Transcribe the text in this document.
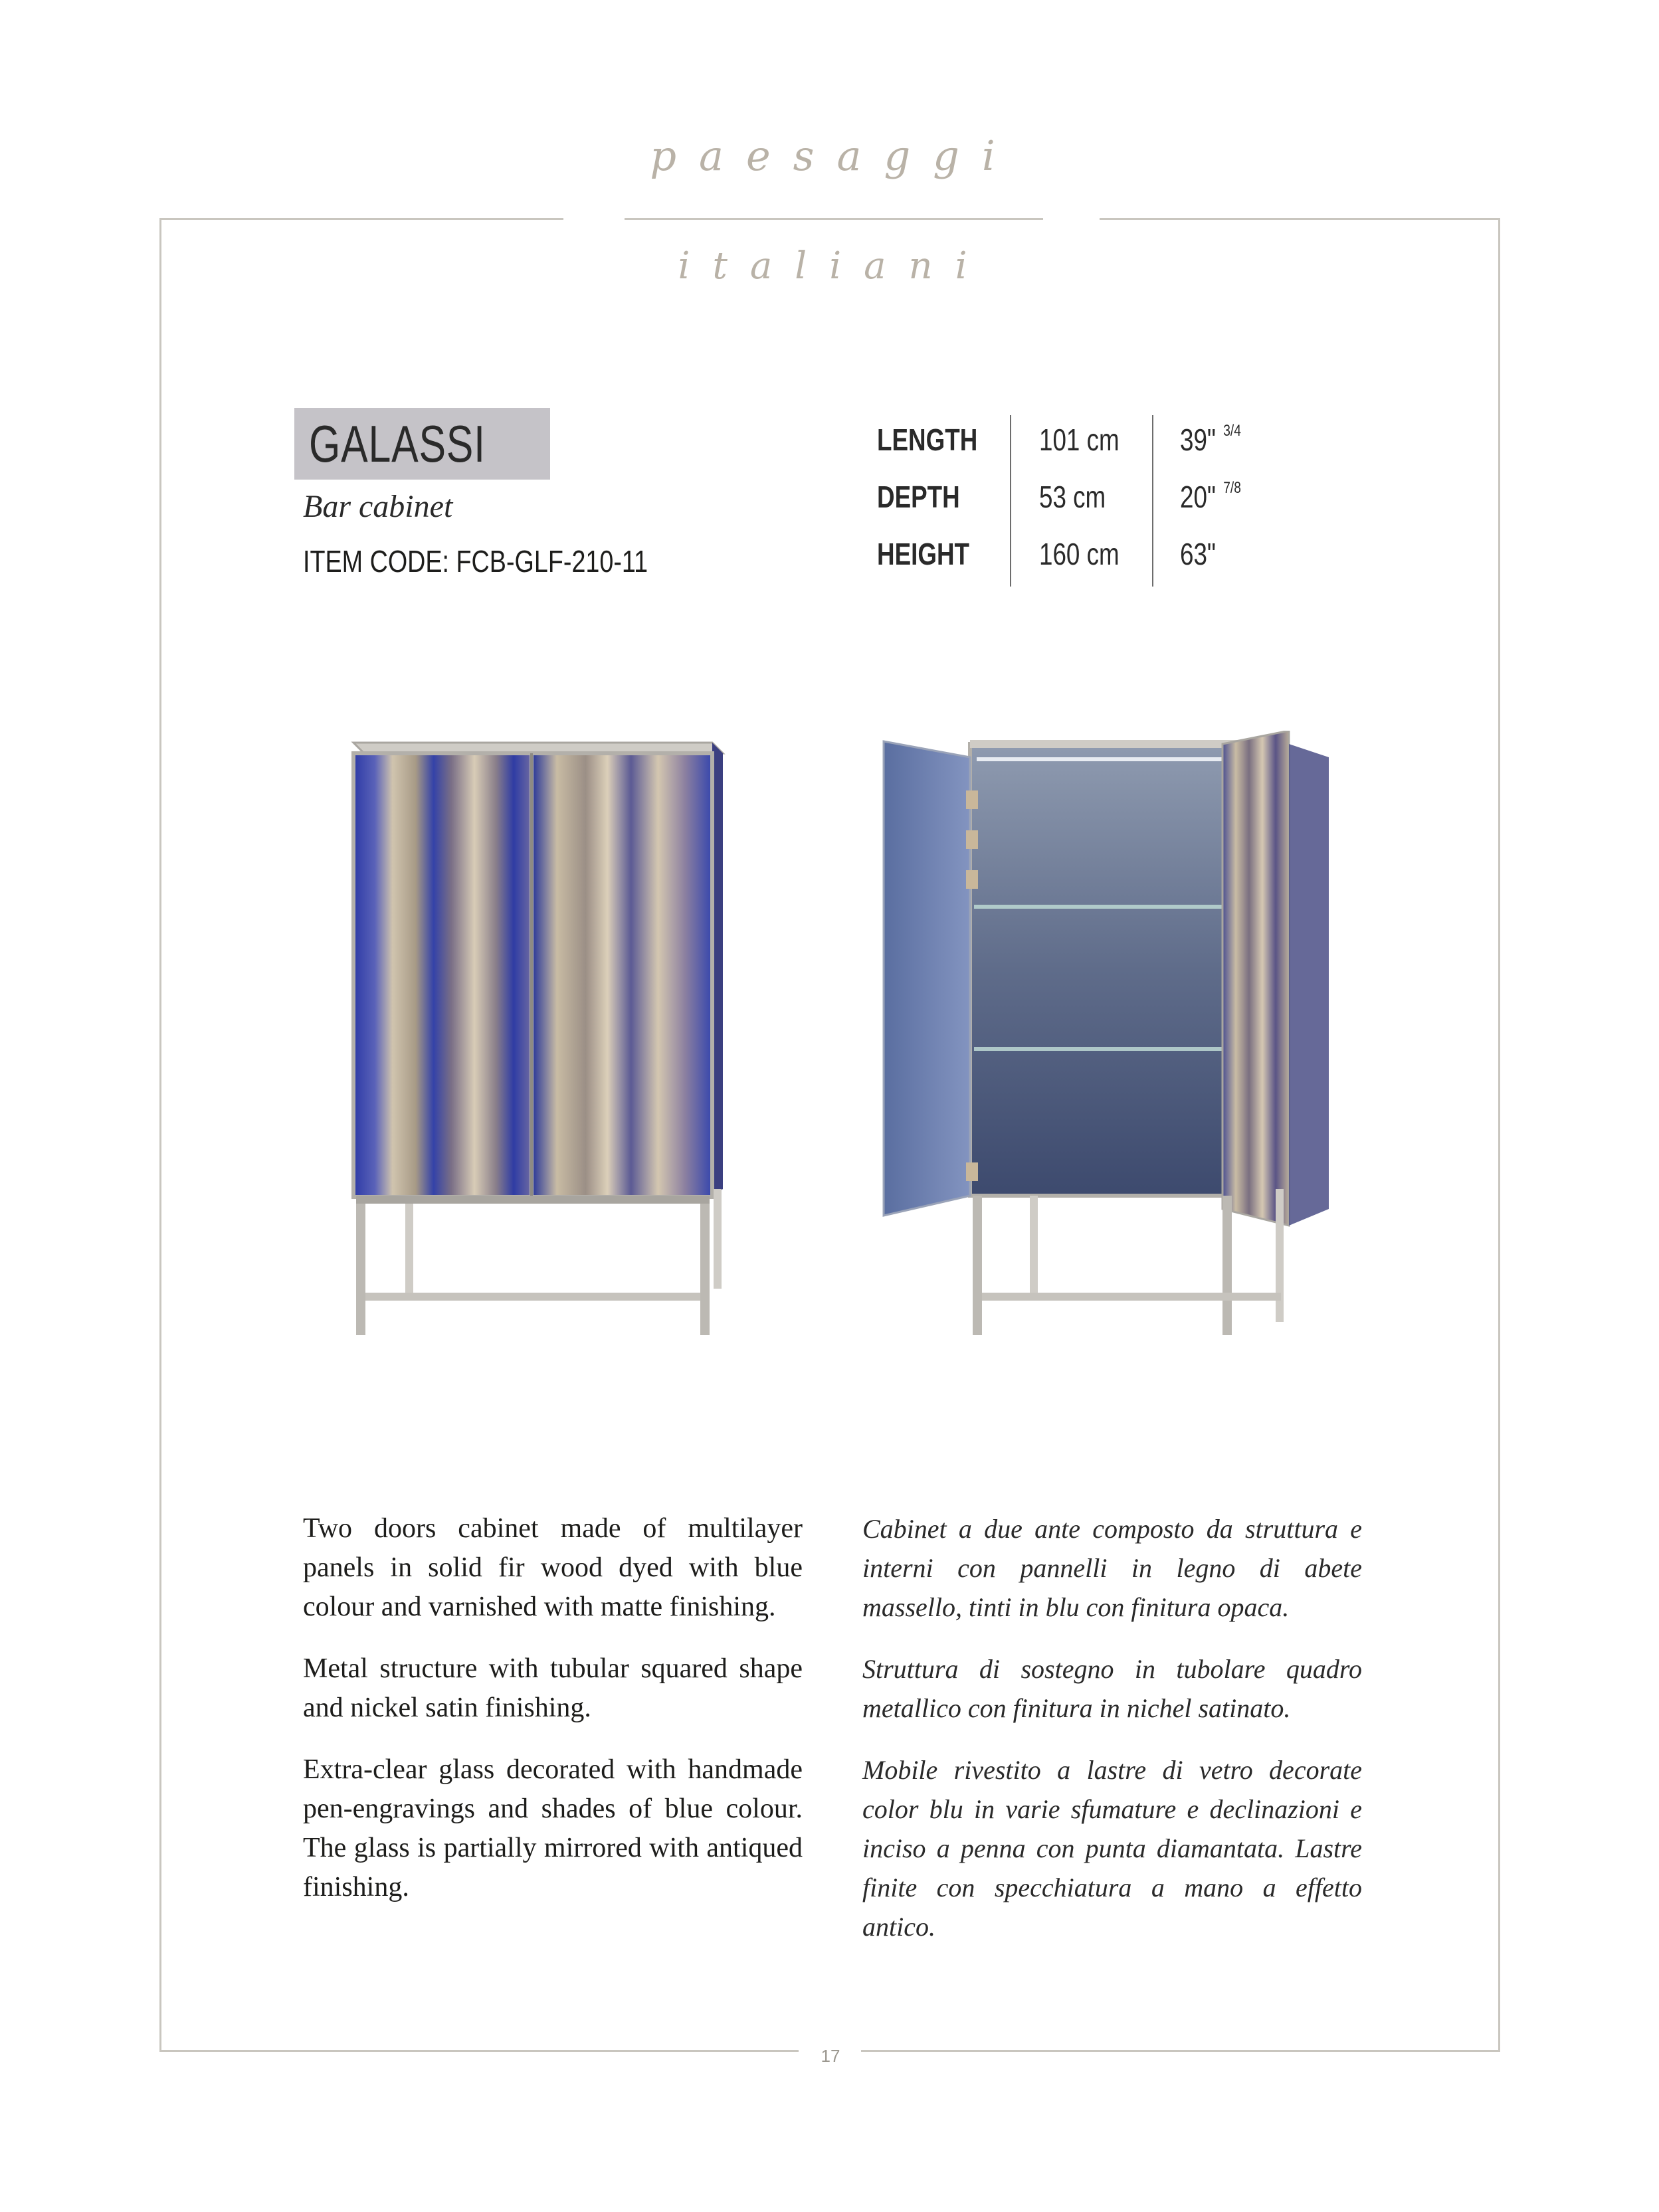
paesaggi
italiani
GALASSI
Bar cabinet
ITEM CODE: FCB-GLF-210-11
LENGTH 101 cm 39" $^{3/4}$
DEPTH	53 cm 20" $^{7/8}$
HEIGHT 160 cm 63"

Two doors cabinet made of multilayer panels in solid fir wood dyed with blue colour and varnished with matte finishing.

Metal structure with tubular squared shape and nickel satin finishing.

Extra-clear glass decorated with handmade pen-engravings and shades of blue colour. The glass is partially mirrored with antiqued finishing.

Cabinet a due ante composto da struttura e interni con pannelli in legno di abete massello, tinti in blu con finitura opaca.

Struttura di sostegno in tubolare quadro metallico con finitura in nichel satinato.

Mobile rivestito a lastre di vetro decorate color blu in varie sfumature e declinazioni e inciso a penna con punta diamantata. Lastre finite con specchiatura a mano a effetto antico.

17
